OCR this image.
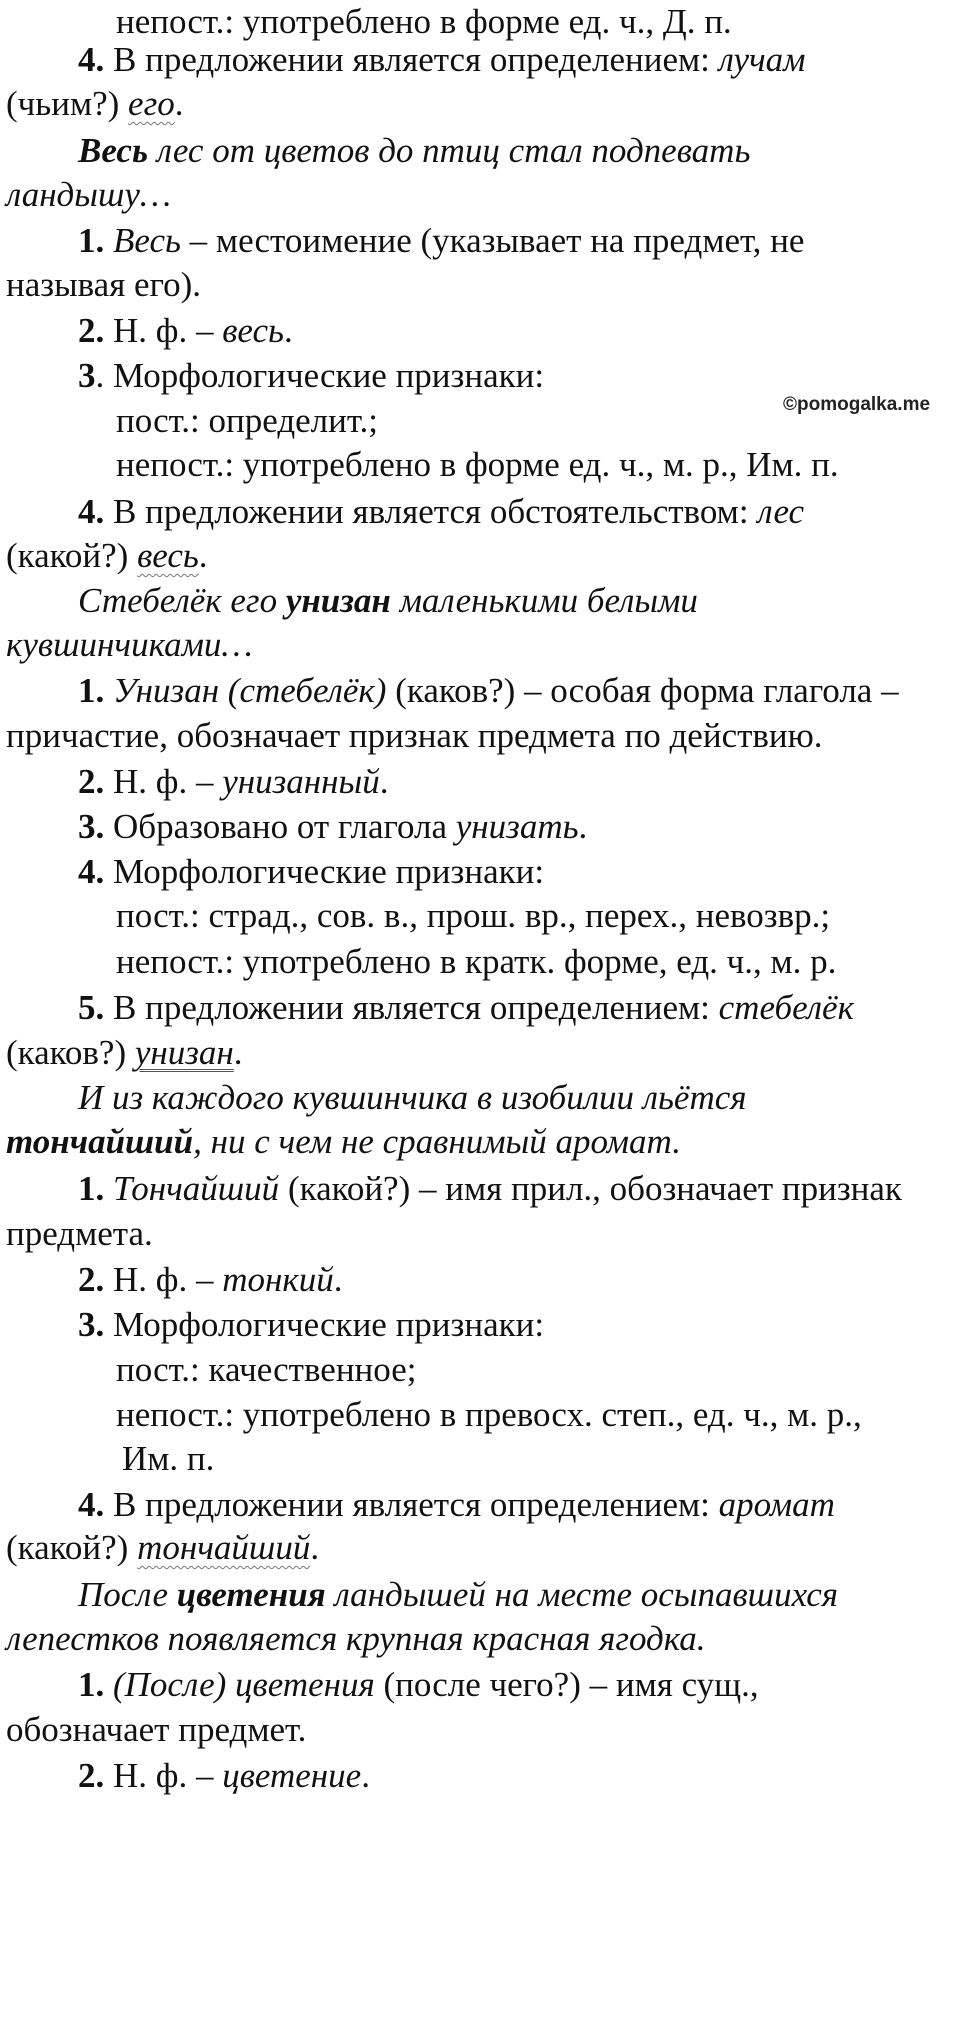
непост.: употреблено в форме ед. ч., Д. п.
4. В предложении является определением: лучам
(чьим?) его.
Весь лес от цветов до птиц стал подпевать
ландышу…
1. Весь – местоимение (указывает на предмет, не
называя его).
2. Н. ф. – весь.
3. Морфологические признаки:
пост.: определит.;
непост.: употреблено в форме ед. ч., м. р., Им. п.
4. В предложении является обстоятельством: лес
(какой?) весь.
Стебелёк его унизан маленькими белыми
кувшинчиками…
1. Унизан (стебелёк) (каков?) – особая форма глагола –
причастие, обозначает признак предмета по действию.
2. Н. ф. – унизанный.
3. Образовано от глагола унизать.
4. Морфологические признаки:
пост.: страд., сов. в., прош. вр., перех., невозвр.;
непост.: употреблено в кратк. форме, ед. ч., м. р.
5. В предложении является определением: стебелёк
(каков?) унизан.
И из каждого кувшинчика в изобилии льётся
тончайший, ни с чем не сравнимый аромат.
1. Тончайший (какой?) – имя прил., обозначает признак
предмета.
2. Н. ф. – тонкий.
3. Морфологические признаки:
пост.: качественное;
непост.: употреблено в превосх. степ., ед. ч., м. р.,
Им. п.
4. В предложении является определением: аромат
(какой?) тончайший.
После цветения ландышей на месте осыпавшихся
лепестков появляется крупная красная ягодка.
1. (После) цветения (после чего?) – имя сущ.,
обозначает предмет.
2. Н. ф. – цветение.
©pomogalka.me
